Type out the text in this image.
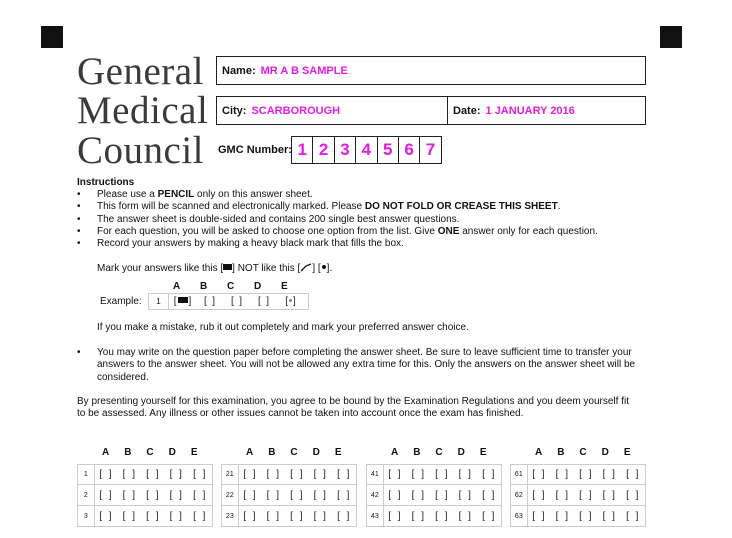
General
Medical
Council
Name: MR A B SAMPLE
City: SCARBOROUGH	Date: 1 JANUARY 2016
GMC Number: 1 2 3 4 5 6 7
Instructions
• Please use a PENCIL only on this answer sheet.
• This form will be scanned and electronically marked. Please DO NOT FOLD OR CREASE THIS SHEET.
• The answer sheet is double-sided and contains 200 single best answer questions.
• For each question, you will be asked to choose one option from the list. Give ONE answer only for each question.
• Record your answers by making a heavy black mark that fills the box.
Mark your answers like this [ ] NOT like this [ ] [ ].
A	B	C	D	E
Example:	1	[ ]	[  ]	[  ]	[  ]	[ ]
If you make a mistake, rub it out completely and mark your preferred answer choice.
• You may write on the question paper before completing the answer sheet. Be sure to leave sufficient time to transfer your answers to the answer sheet. You will not be allowed any extra time for this. Only the answers on the answer sheet will be considered.
By presenting yourself for this examination, you agree to be bound by the Examination Regulations and you deem yourself fit to be assessed. Any illness or other issues cannot be taken into account once the exam has finished.
A	B	C	D	E
1	[ ] [ ] [ ] [ ] [ ]
2	[ ] [ ] [ ] [ ] [ ]
3	[ ] [ ] [ ] [ ] [ ]
A	B	C	D	E
21 [ ] [ ] [ ] [ ] [ ]
22 [ ] [ ] [ ] [ ] [ ]
23 [ ] [ ] [ ] [ ] [ ]
A	B	C	D	E
41 [ ] [ ] [ ] [ ] [ ]
42 [ ] [ ] [ ] [ ] [ ]
43 [ ] [ ] [ ] [ ] [ ]
A	B	C	D	E
61 [ ] [ ] [ ] [ ] [ ]
62 [ ] [ ] [ ] [ ] [ ]
63 [ ] [ ] [ ] [ ] [ ]
